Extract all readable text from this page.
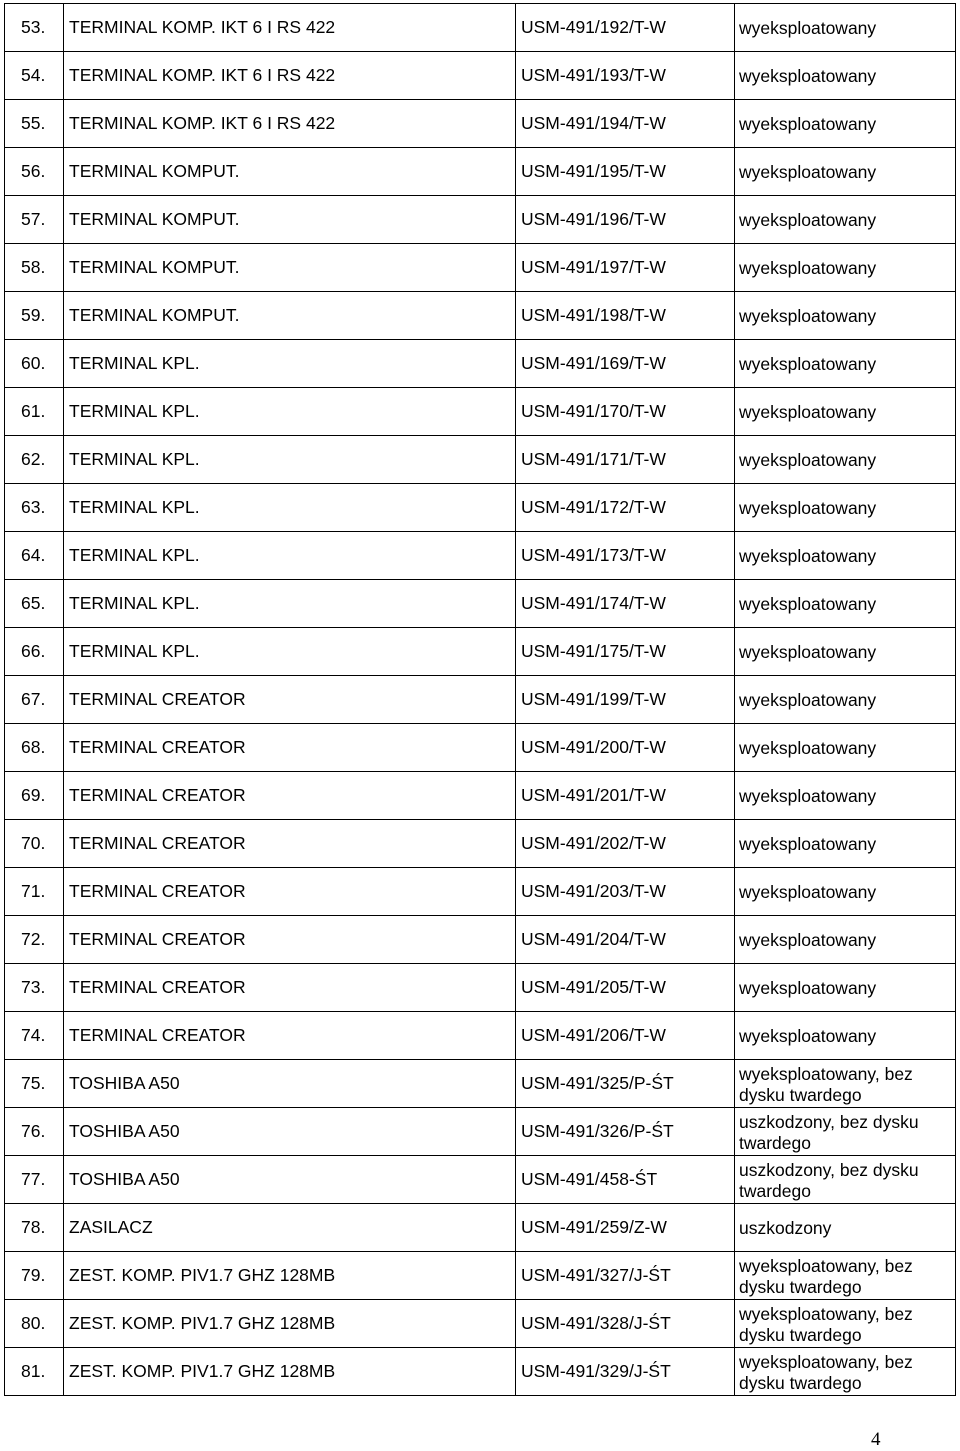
53.	TERMINAL KOMP. IKT 6 I RS 422	USM-491/192/T-W	wyeksploatowany
54.	TERMINAL KOMP. IKT 6 I RS 422	USM-491/193/T-W	wyeksploatowany
55.	TERMINAL KOMP. IKT 6 I RS 422	USM-491/194/T-W	wyeksploatowany
56.	TERMINAL KOMPUT.	USM-491/195/T-W	wyeksploatowany
57.	TERMINAL KOMPUT.	USM-491/196/T-W	wyeksploatowany
58.	TERMINAL KOMPUT.	USM-491/197/T-W	wyeksploatowany
59.	TERMINAL KOMPUT.	USM-491/198/T-W	wyeksploatowany
60.	TERMINAL KPL.	USM-491/169/T-W	wyeksploatowany
61.	TERMINAL KPL.	USM-491/170/T-W	wyeksploatowany
62.	TERMINAL KPL.	USM-491/171/T-W	wyeksploatowany
63.	TERMINAL KPL.	USM-491/172/T-W	wyeksploatowany
64.	TERMINAL KPL.	USM-491/173/T-W	wyeksploatowany
65.	TERMINAL KPL.	USM-491/174/T-W	wyeksploatowany
66.	TERMINAL KPL.	USM-491/175/T-W	wyeksploatowany
67.	TERMINAL CREATOR	USM-491/199/T-W	wyeksploatowany
68.	TERMINAL CREATOR	USM-491/200/T-W	wyeksploatowany
69.	TERMINAL CREATOR	USM-491/201/T-W	wyeksploatowany
70.	TERMINAL CREATOR	USM-491/202/T-W	wyeksploatowany
71.	TERMINAL CREATOR	USM-491/203/T-W	wyeksploatowany
72.	TERMINAL CREATOR	USM-491/204/T-W	wyeksploatowany
73.	TERMINAL CREATOR	USM-491/205/T-W	wyeksploatowany
74.	TERMINAL CREATOR	USM-491/206/T-W	wyeksploatowany
75.	TOSHIBA A50	USM-491/325/P-ŚT	wyeksploatowany, bez dysku twardego
76.	TOSHIBA A50	USM-491/326/P-ŚT	uszkodzony, bez dysku twardego
77.	TOSHIBA A50	USM-491/458-ŚT	uszkodzony, bez dysku twardego
78.	ZASILACZ	USM-491/259/Z-W	uszkodzony
79.	ZEST. KOMP. PIV1.7 GHZ 128MB	USM-491/327/J-ŚT	wyeksploatowany, bez dysku twardego
80.	ZEST. KOMP. PIV1.7 GHZ 128MB	USM-491/328/J-ŚT	wyeksploatowany, bez dysku twardego
81.	ZEST. KOMP. PIV1.7 GHZ 128MB	USM-491/329/J-ŚT	wyeksploatowany, bez dysku twardego
4
